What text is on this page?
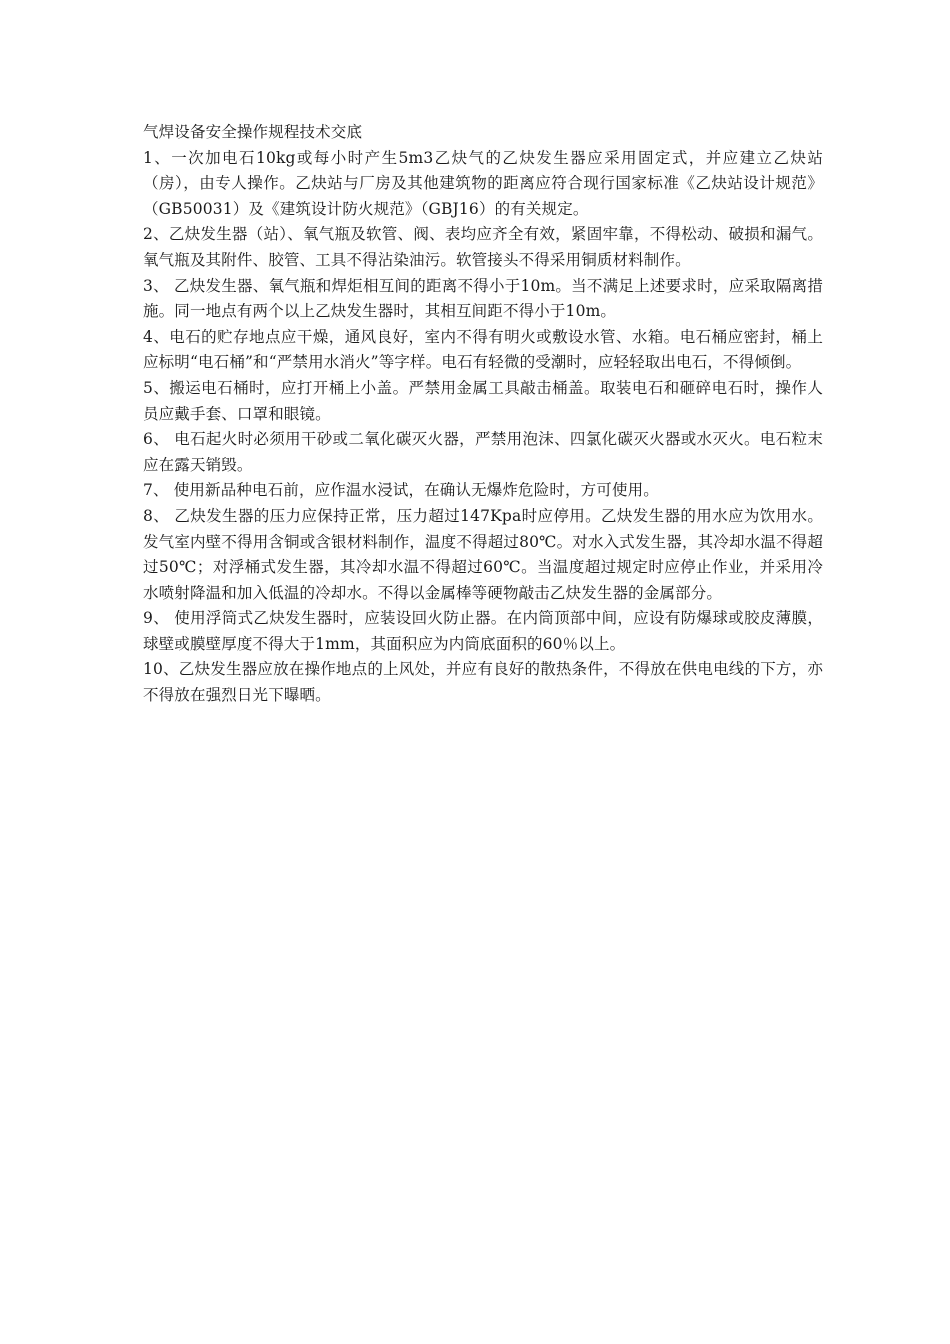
气焊设备安全操作规程技术交底

1、一次加电石10kg或每小时产生5m3乙炔气的乙炔发生器应采用固定式，并应建立乙炔站（房），由专人操作。乙炔站与厂房及其他建筑物的距离应符合现行国家标准《乙炔站设计规范》（GB50031）及《建筑设计防火规范》（GBJ16）的有关规定。

2、乙炔发生器（站）、氧气瓶及软管、阀、表均应齐全有效，紧固牢靠，不得松动、破损和漏气。氧气瓶及其附件、胶管、工具不得沾染油污。软管接头不得采用铜质材料制作。

3、 乙炔发生器、氧气瓶和焊炬相互间的距离不得小于10m。当不满足上述要求时，应采取隔离措施。同一地点有两个以上乙炔发生器时，其相互间距不得小于10m。

4、电石的贮存地点应干燥，通风良好，室内不得有明火或敷设水管、水箱。电石桶应密封，桶上应标明“电石桶”和“严禁用水消火”等字样。电石有轻微的受潮时，应轻轻取出电石，不得倾倒。

5、搬运电石桶时，应打开桶上小盖。严禁用金属工具敲击桶盖。取装电石和砸碎电石时，操作人员应戴手套、口罩和眼镜。

6、 电石起火时必须用干砂或二氧化碳灭火器，严禁用泡沫、四氯化碳灭火器或水灭火。电石粒末应在露天销毁。

7、 使用新品种电石前，应作温水浸试，在确认无爆炸危险时，方可使用。

8、 乙炔发生器的压力应保持正常，压力超过147Kpa时应停用。乙炔发生器的用水应为饮用水。发气室内壁不得用含铜或含银材料制作，温度不得超过80℃。对水入式发生器，其冷却水温不得超过50℃；对浮桶式发生器，其冷却水温不得超过60℃。当温度超过规定时应停止作业，并采用冷水喷射降温和加入低温的冷却水。不得以金属棒等硬物敲击乙炔发生器的金属部分。

9、 使用浮筒式乙炔发生器时，应装设回火防止器。在内筒顶部中间，应设有防爆球或胶皮薄膜，球壁或膜壁厚度不得大于1mm，其面积应为内筒底面积的60％以上。

10、乙炔发生器应放在操作地点的上风处，并应有良好的散热条件，不得放在供电电线的下方，亦不得放在强烈日光下曝晒。
